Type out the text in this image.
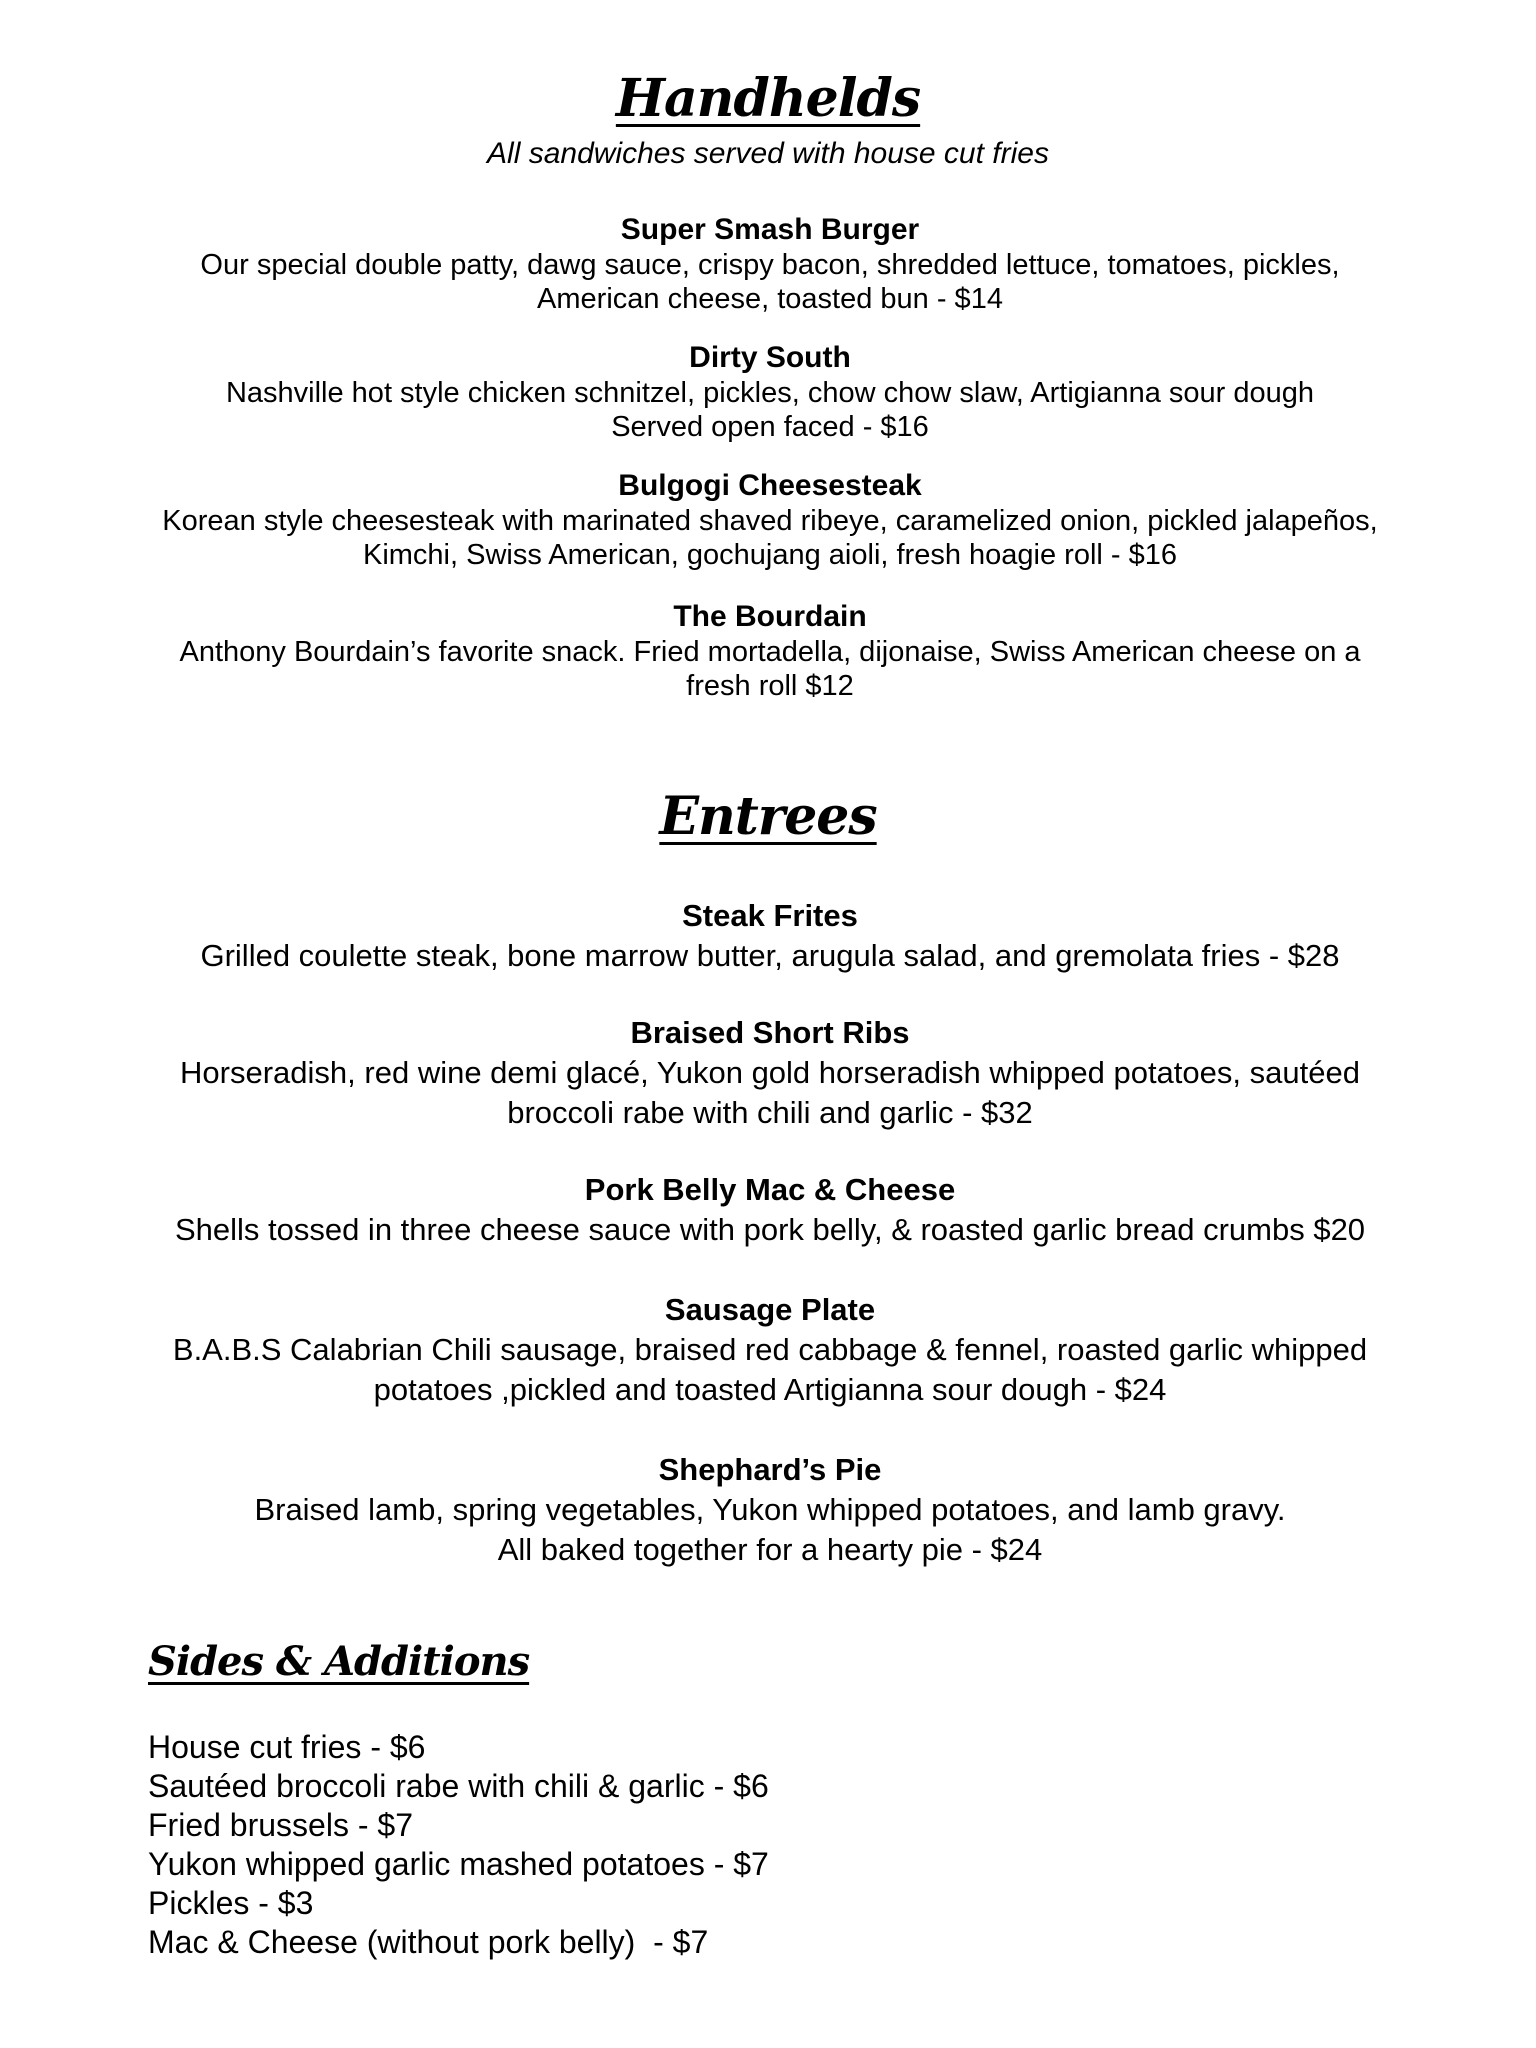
Handhelds
All sandwiches served with house cut fries
Super Smash Burger
Our special double patty, dawg sauce, crispy bacon, shredded lettuce, tomatoes, pickles,
American cheese, toasted bun - $14
Dirty South
Nashville hot style chicken schnitzel, pickles, chow chow slaw, Artigianna sour dough
Served open faced - $16
Bulgogi Cheesesteak
Korean style cheesesteak with marinated shaved ribeye, caramelized onion, pickled jalapeños,
Kimchi, Swiss American, gochujang aioli, fresh hoagie roll - $16
The Bourdain
Anthony Bourdain’s favorite snack. Fried mortadella, dijonaise, Swiss American cheese on a
fresh roll $12
Entrees
Steak Frites
Grilled coulette steak, bone marrow butter, arugula salad, and gremolata fries - $28
Braised Short Ribs
Horseradish, red wine demi glacé, Yukon gold horseradish whipped potatoes, sautéed
broccoli rabe with chili and garlic - $32
Pork Belly Mac & Cheese
Shells tossed in three cheese sauce with pork belly, & roasted garlic bread crumbs $20
Sausage Plate
B.A.B.S Calabrian Chili sausage, braised red cabbage & fennel, roasted garlic whipped
potatoes ,pickled and toasted Artigianna sour dough - $24
Shephard’s Pie
Braised lamb, spring vegetables, Yukon whipped potatoes, and lamb gravy.
All baked together for a hearty pie - $24
Sides & Additions
House cut fries - $6
Sautéed broccoli rabe with chili & garlic - $6
Fried brussels - $7
Yukon whipped garlic mashed potatoes - $7
Pickles - $3
Mac & Cheese (without pork belly)  - $7
